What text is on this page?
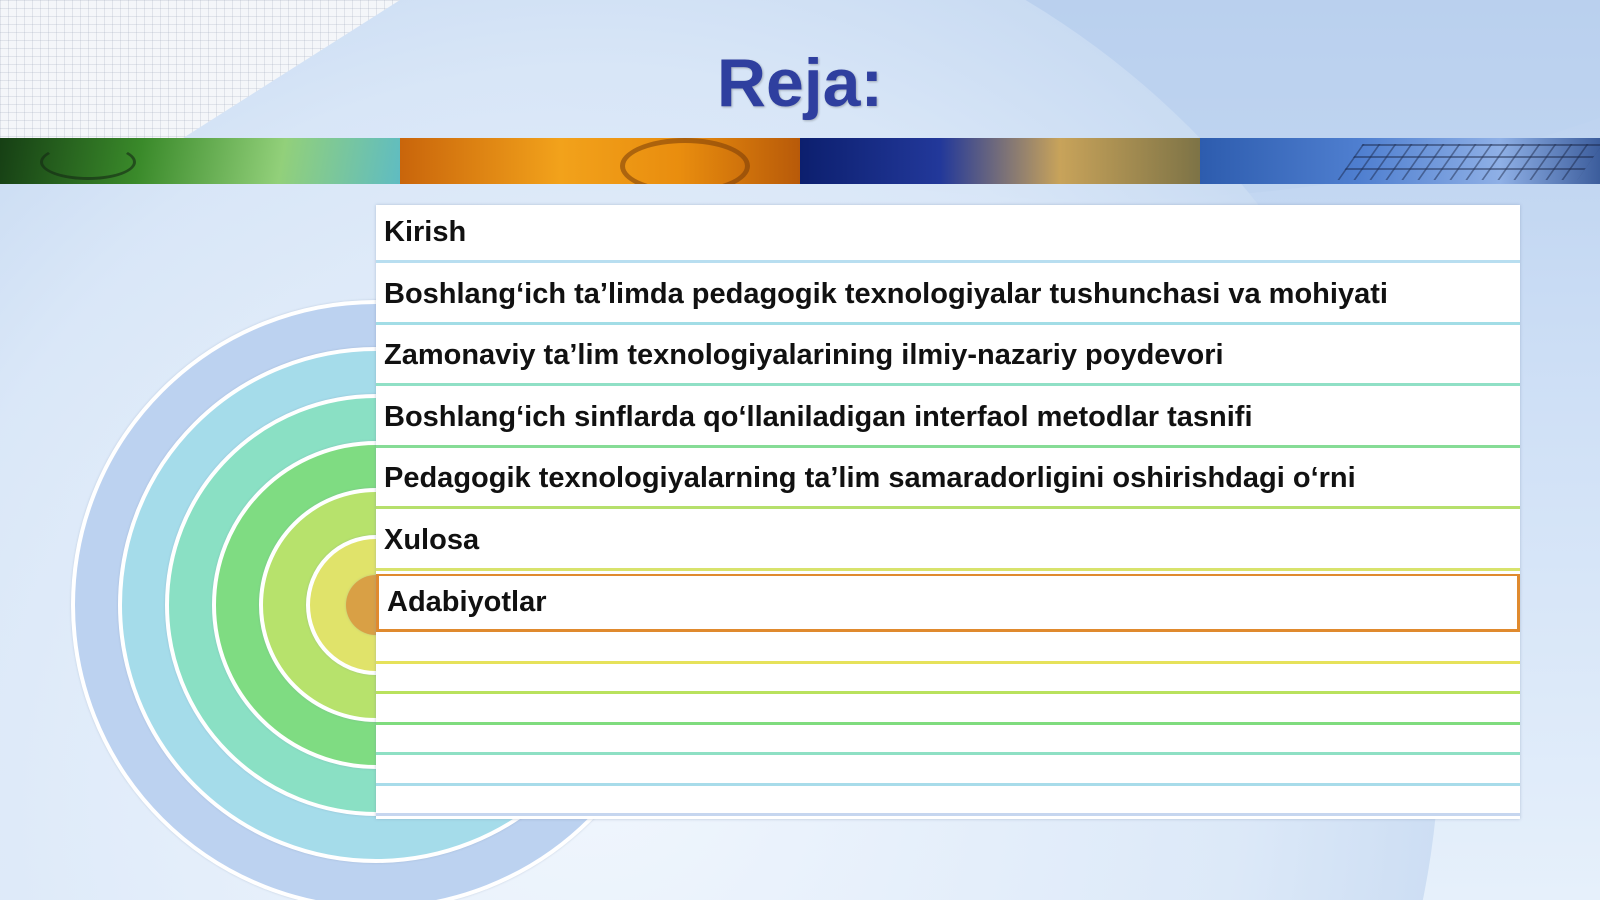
Reja:
Kirish
Boshlang‘ich ta’limda pedagogik texnologiyalar tushunchasi va mohiyati
Zamonaviy ta’lim texnologiyalarining ilmiy-nazariy poydevori
Boshlang‘ich sinflarda qo‘llaniladigan interfaol metodlar tasnifi
Pedagogik texnologiyalarning ta’lim samaradorligini oshirishdagi o‘rni
Xulosa
Adabiyotlar
